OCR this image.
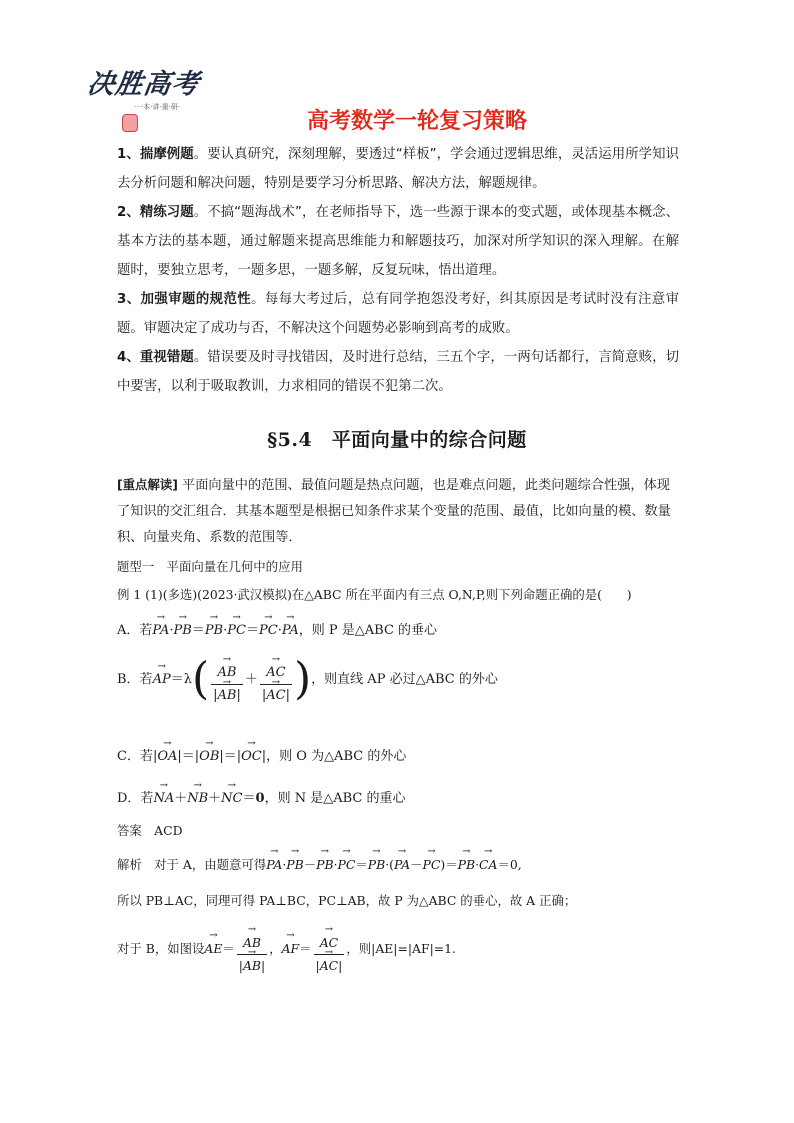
决胜高考
·一本·讲·重·研·
高考数学一轮复习策略
1、揣摩例题。要认真研究，深刻理解，要透过“样板”，学会通过逻辑思维，灵活运用所学知识去分析问题和解决问题，特别是要学习分析思路、解决方法，解题规律。
2、精练习题。不搞“题海战术”，在老师指导下，选一些源于课本的变式题，或体现基本概念、基本方法的基本题，通过解题来提高思维能力和解题技巧，加深对所学知识的深入理解。在解题时，要独立思考，一题多思，一题多解，反复玩味，悟出道理。
3、加强审题的规范性。每每大考过后，总有同学抱怨没考好，纠其原因是考试时没有注意审题。审题决定了成功与否，不解决这个问题势必影响到高考的成败。
4、重视错题。错误要及时寻找错因，及时进行总结，三五个字，一两句话都行，言简意赅，切中要害，以利于吸取教训，力求相同的错误不犯第二次。
§5.4　平面向量中的综合问题
[重点解读] 平面向量中的范围、最值问题是热点问题，也是难点问题，此类问题综合性强，体现了知识的交汇组合．其基本题型是根据已知条件求某个变量的范围、最值，比如向量的模、数量积、向量夹角、系数的范围等．
题型一　平面向量在几何中的应用
例 1 (1)(多选)(2023·武汉模拟)在△ABC 所在平面内有三点 O,N,P,则下列命题正确的是(　　)
A．若→ PA·→ PB＝→ PB·→ PC＝→ PC·→ PA，则 P 是△ABC 的垂心
B．若→ AP＝λ(
→ $\frac{AB}{|\to AB|}$ ＋
→ $\frac{AC}{|\to AC|}$ )，则直线 AP 必过△ABC 的外心
C．若|→ OA|＝|→ OB|＝|→ OC|，则 O 为△ABC 的外心
D．若→ NA＋→ NB＋→ NC＝0，则 N 是△ABC 的重心
答案　 ACD
解析　 对于 A，由题意可得→ PA·→ PB－→ PB·→ PC＝→ PB·(→ PA－→ PC)＝→ PB·→ CA＝0,
所以 PB⊥AC，同理可得 PA⊥BC，PC⊥AB，故 P 为△ABC 的垂心，故 A 正确；
对于 B，如图设→ AE＝
→ $\frac{AB}{|\to AB|}$ ，→ AF＝
→ $\frac{AC}{|\to AC|}$ ，则|AE|=|AF|=1.
